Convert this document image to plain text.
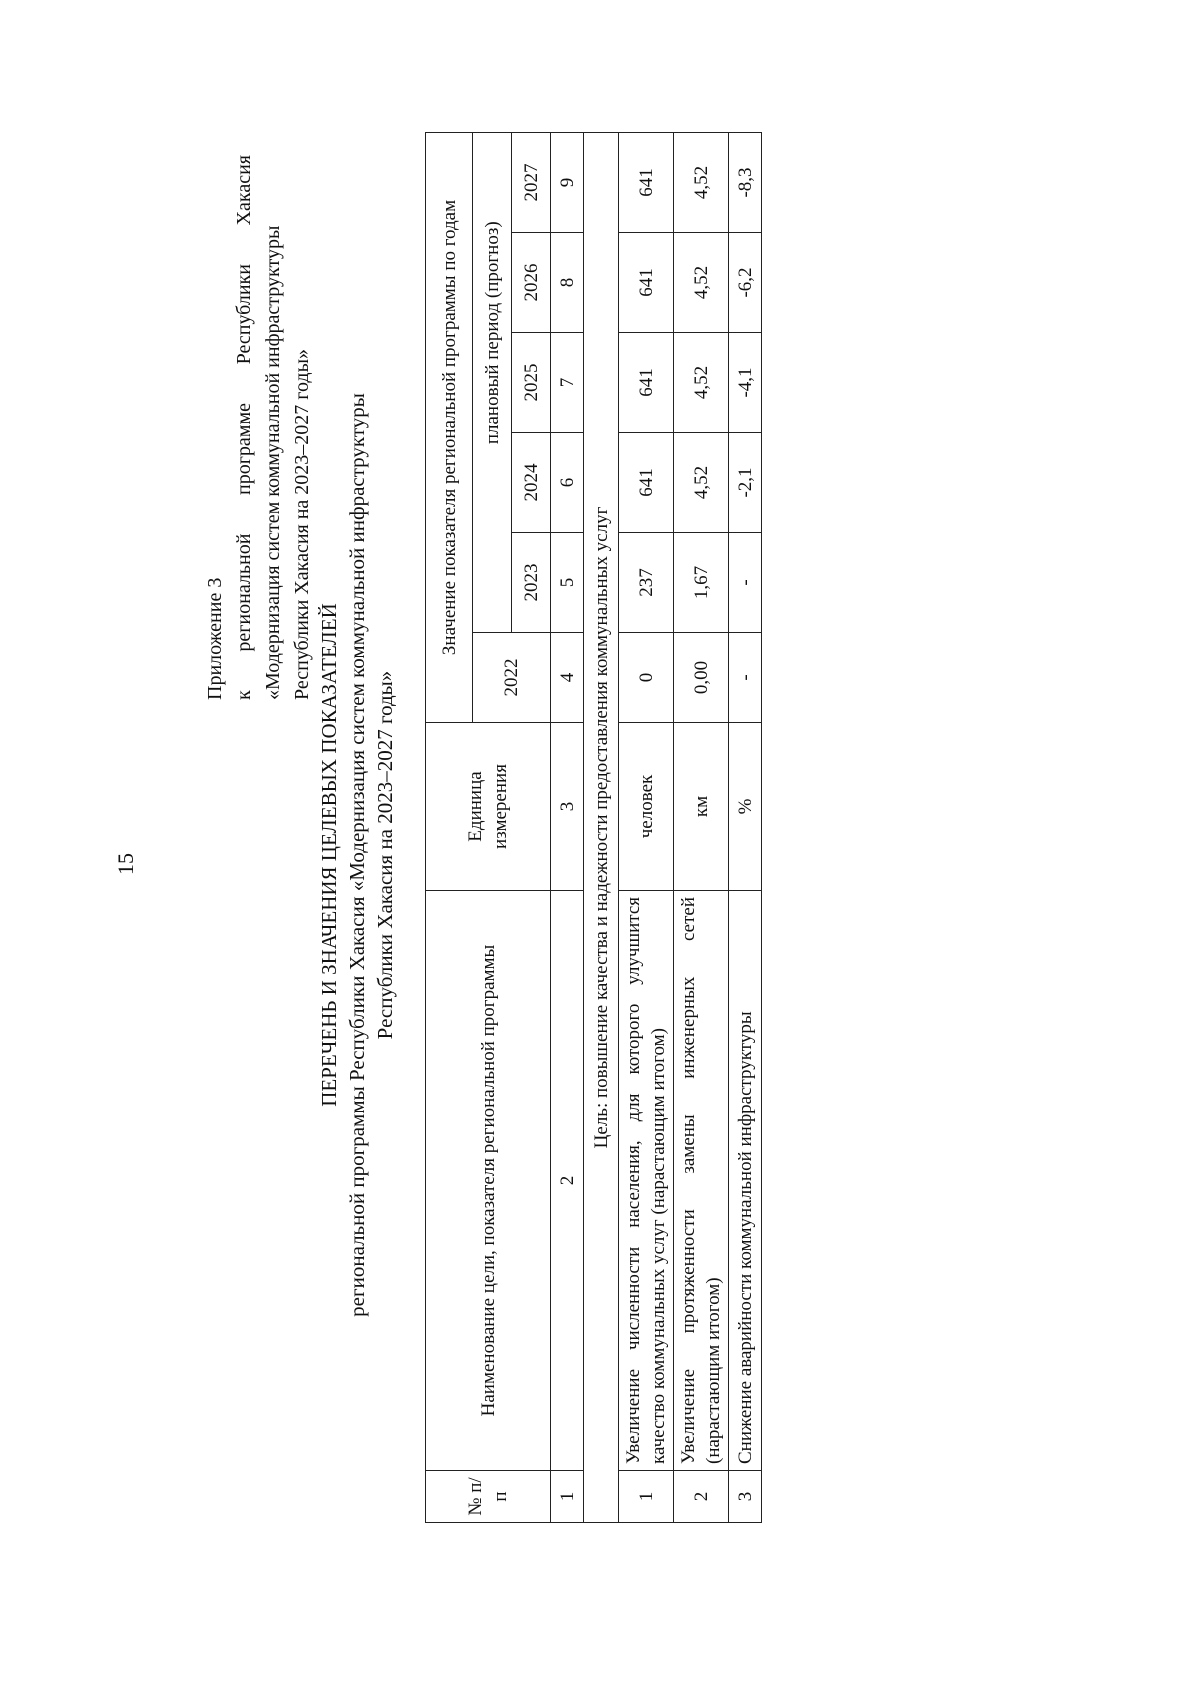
15
Приложение 3 к региональной программе Республики Хакасия «Модернизация систем коммунальной инфраструктуры Республики Хакасия на 2023–2027 годы»
ПЕРЕЧЕНЬ И ЗНАЧЕНИЯ ЦЕЛЕВЫХ ПОКАЗАТЕЛЕЙ региональной программы Республики Хакасия «Модернизация систем коммунальной инфраструктуры Республики Хакасия на 2023–2027 годы»
№ п/п	Наименование цели, показателя региональной программы	Единица измерения	Значение показателя региональной программы по годам					
			2022		плановый период (прогноз)			
				2023	2024	2025	2026	2027
1	2	3	4	5	6	7	8	9
Цель: повышение качества и надежности предоставления коммунальных услуг								
1	Увеличение численности населения, для которого улучшится качество коммунальных услуг (нарастающим итогом)	человек	0	237	641	641	641	641
2	Увеличение протяженности замены инженерных сетей (нарастающим итогом)	км	0,00	1,67	4,52	4,52	4,52	4,52
3	Снижение аварийности коммунальной инфраструктуры	%	-	-	-2,1	-4,1	-6,2	-8,3
